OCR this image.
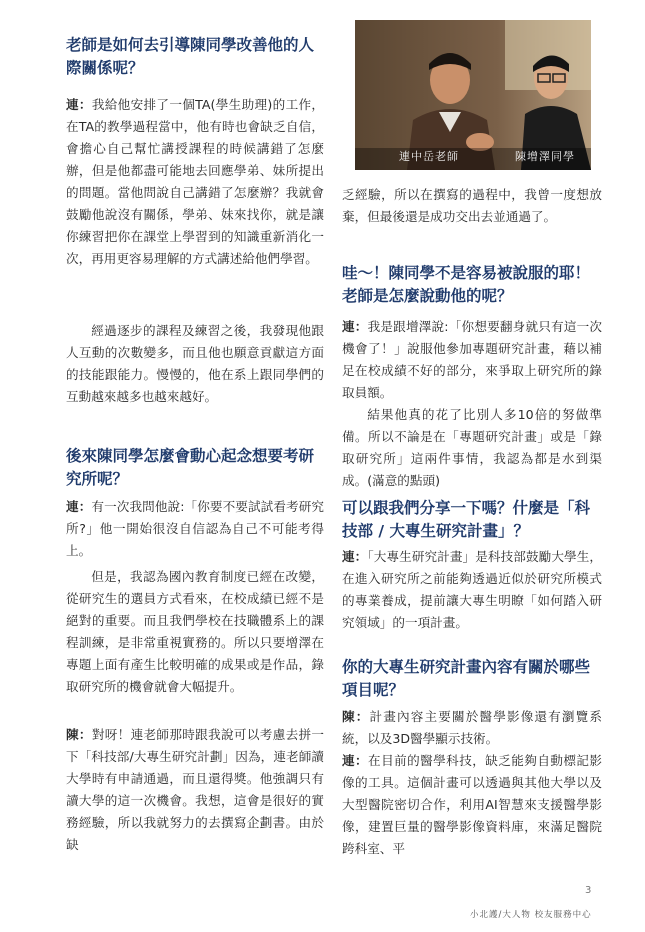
老師是如何去引導陳同學改善他的人際關係呢？

連：我給他安排了一個TA(學生助理)的工作，在TA的教學過程當中，他有時也會缺乏自信，會擔心自己幫忙講授課程的時候講錯了怎麼辦，但是他都盡可能地去回應學弟、妹所提出的問題。當他問說自己講錯了怎麼辦？我就會鼓勵他說沒有關係，學弟、妹來找你，就是讓你練習把你在課堂上學習到的知識重新消化一次，再用更容易理解的方式講述給他們學習。

經過逐步的課程及練習之後，我發現他跟人互動的次數變多，而且他也願意貢獻這方面的技能跟能力。慢慢的，他在系上跟同學們的互動越來越多也越來越好。

後來陳同學怎麼會動心起念想要考研究所呢？

連：有一次我問他說:「你要不要試試看考研究所?」他一開始很沒自信認為自己不可能考得上。

但是，我認為國內教育制度已經在改變，從研究生的選員方式看來，在校成績已經不是絕對的重要。而且我們學校在技職體系上的課程訓練，是非常重視實務的。所以只要增澤在專題上面有產生比較明確的成果或是作品，錄取研究所的機會就會大幅提升。

陳：對呀！連老師那時跟我說可以考慮去拼一下「科技部/大專生研究計劃」因為，連老師讀大學時有申請通過，而且還得獎。他強調只有讀大學的這一次機會。我想，這會是很好的實務經驗，所以我就努力的去撰寫企劃書。由於缺

連中岳老師	陳增澤同學

乏經驗，所以在撰寫的過程中，我曾一度想放棄，但最後還是成功交出去並通過了。

哇～！陳同學不是容易被說服的耶！老師是怎麼說動他的呢？

連：我是跟增澤說:「你想要翻身就只有這一次機會了！」說服他參加專題研究計畫，藉以補足在校成績不好的部分，來爭取上研究所的錄取員額。

結果他真的花了比別人多10倍的努做準備。所以不論是在「專題研究計畫」或是「錄取研究所」這兩件事情，我認為都是水到渠成。(滿意的點頭)

可以跟我們分享一下嗎？什麼是「科技部 / 大專生研究計畫」？

連：「大專生研究計畫」是科技部鼓勵大學生，在進入研究所之前能夠透過近似於研究所模式的專業養成，提前讓大專生明瞭「如何踏入研究領域」的一項計畫。

你的大專生研究計畫內容有關於哪些項目呢？

陳：計畫內容主要關於醫學影像還有瀏覽系統，以及3D醫學顯示技術。

連：在目前的醫學科技，缺乏能夠自動標記影像的工具。這個計畫可以透過與其他大學以及大型醫院密切合作，利用AI智慧來支援醫學影像，建置巨量的醫學影像資料庫，來滿足醫院跨科室、平

3
小北護/大人物 校友服務中心
